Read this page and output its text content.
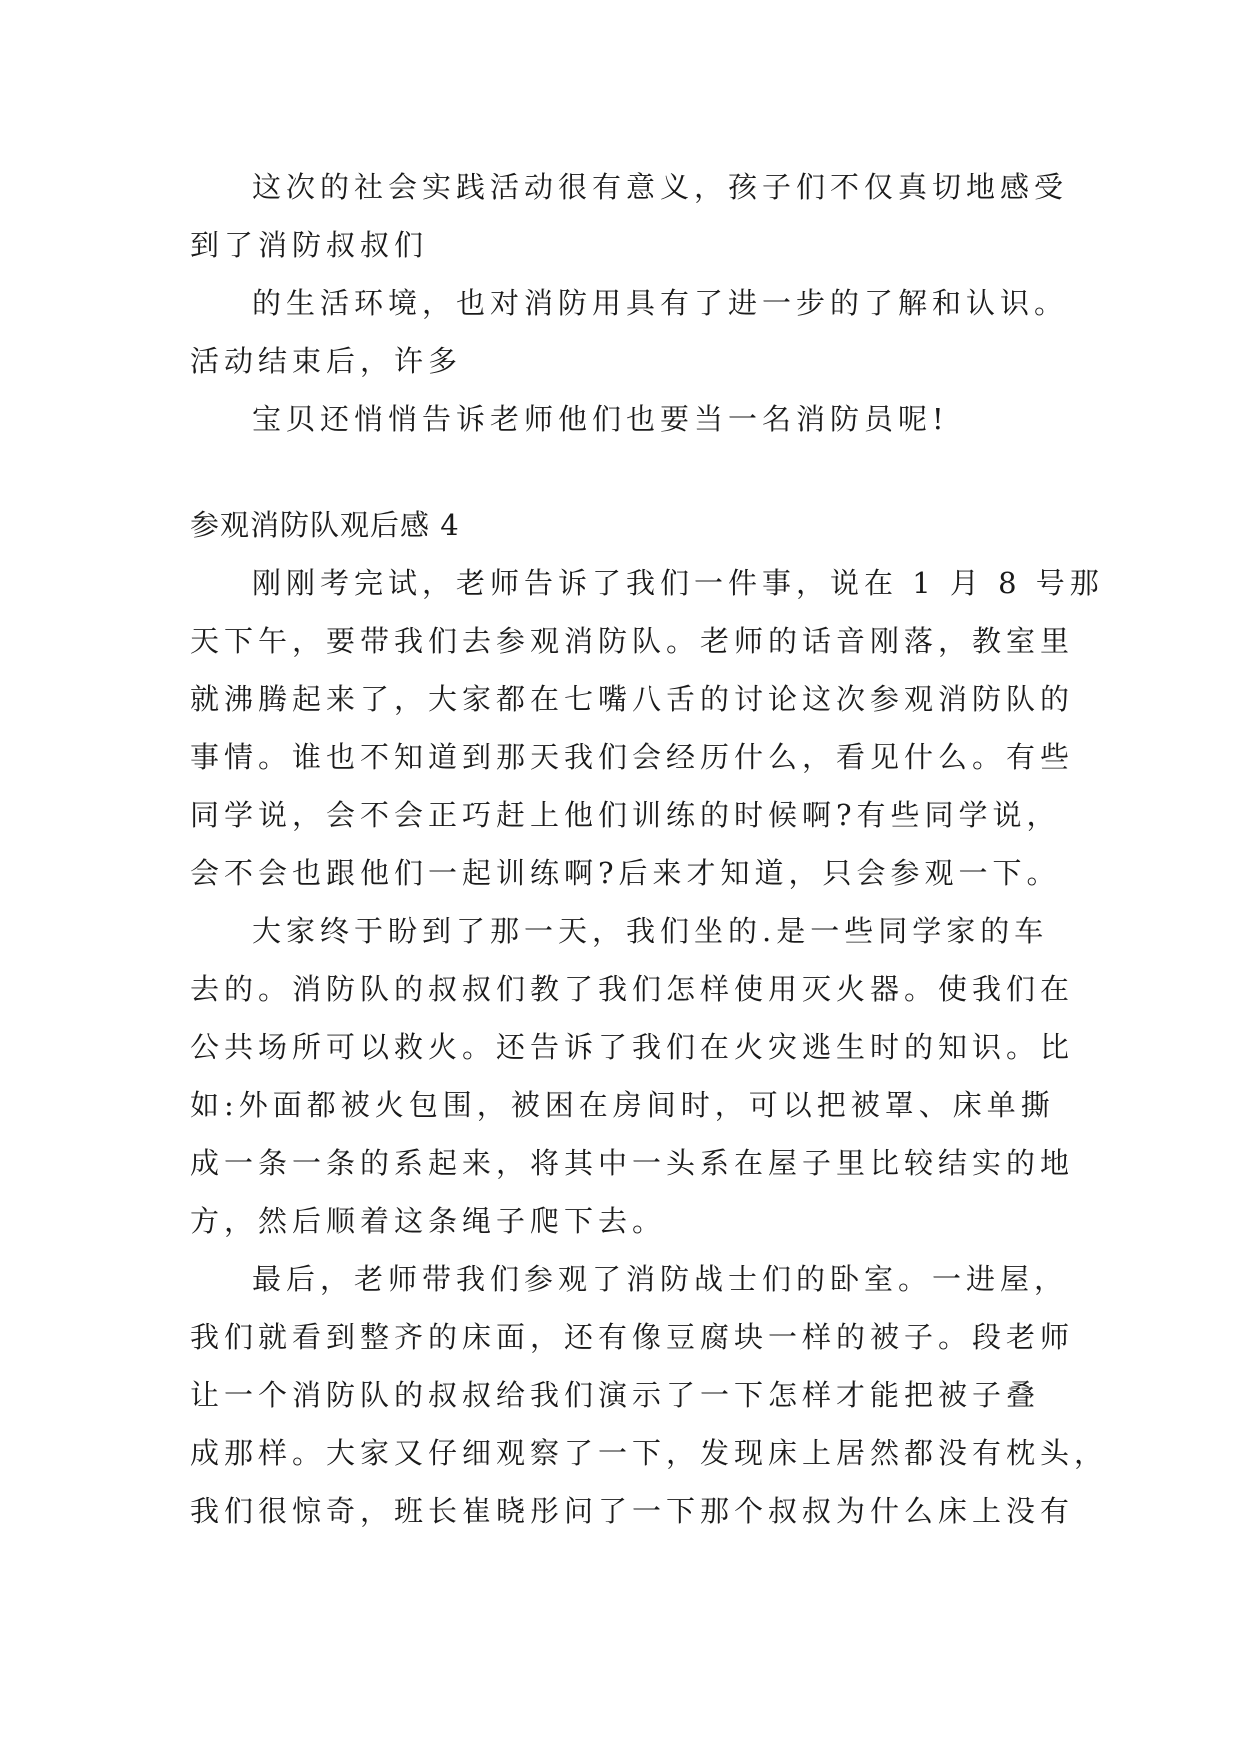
这次的社会实践活动很有意义，孩子们不仅真切地感受
到了消防叔叔们
的生活环境，也对消防用具有了进一步的了解和认识。
活动结束后，许多
宝贝还悄悄告诉老师他们也要当一名消防员呢!
参观消防队观后感 4
刚刚考完试，老师告诉了我们一件事，说在 1 月 8 号那
天下午，要带我们去参观消防队。老师的话音刚落，教室里
就沸腾起来了，大家都在七嘴八舌的讨论这次参观消防队的
事情。谁也不知道到那天我们会经历什么，看见什么。有些
同学说，会不会正巧赶上他们训练的时候啊?有些同学说，
会不会也跟他们一起训练啊?后来才知道，只会参观一下。
大家终于盼到了那一天，我们坐的.是一些同学家的车
去的。消防队的叔叔们教了我们怎样使用灭火器。使我们在
公共场所可以救火。还告诉了我们在火灾逃生时的知识。比
如:外面都被火包围，被困在房间时，可以把被罩、床单撕
成一条一条的系起来，将其中一头系在屋子里比较结实的地
方，然后顺着这条绳子爬下去。
最后，老师带我们参观了消防战士们的卧室。一进屋，
我们就看到整齐的床面，还有像豆腐块一样的被子。段老师
让一个消防队的叔叔给我们演示了一下怎样才能把被子叠
成那样。大家又仔细观察了一下，发现床上居然都没有枕头，
我们很惊奇，班长崔晓彤问了一下那个叔叔为什么床上没有
